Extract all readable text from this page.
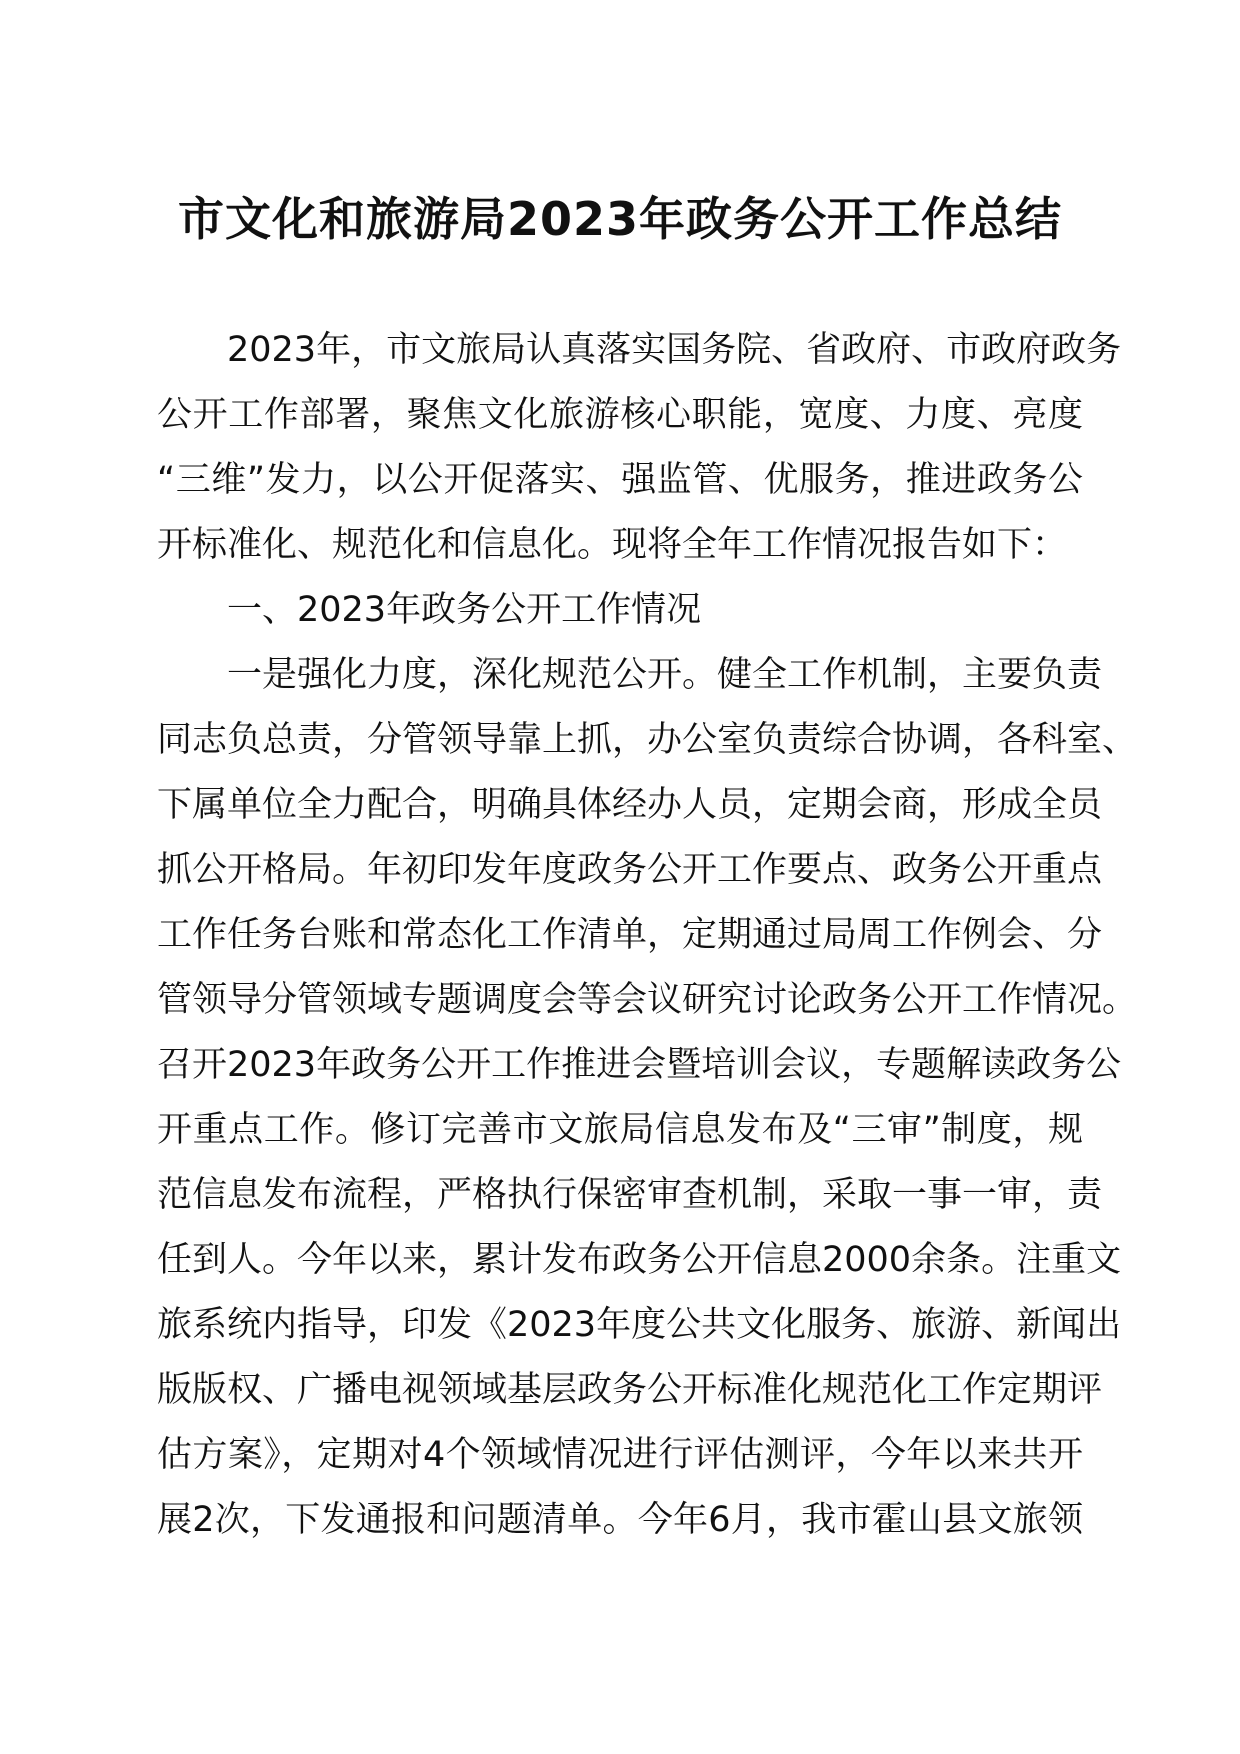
市文化和旅游局2023年政务公开工作总结
2023年，市文旅局认真落实国务院、省政府、市政府政务
公开工作部署，聚焦文化旅游核心职能，宽度、力度、亮度
“三维”发力，以公开促落实、强监管、优服务，推进政务公
开标准化、规范化和信息化。现将全年工作情况报告如下：
一、2023年政务公开工作情况
一是强化力度，深化规范公开。健全工作机制，主要负责
同志负总责，分管领导靠上抓，办公室负责综合协调，各科室、
下属单位全力配合，明确具体经办人员，定期会商，形成全员
抓公开格局。年初印发年度政务公开工作要点、政务公开重点
工作任务台账和常态化工作清单，定期通过局周工作例会、分
管领导分管领域专题调度会等会议研究讨论政务公开工作情况。
召开2023年政务公开工作推进会暨培训会议，专题解读政务公
开重点工作。修订完善市文旅局信息发布及“三审”制度，规
范信息发布流程，严格执行保密审查机制，采取一事一审，责
任到人。今年以来，累计发布政务公开信息2000余条。注重文
旅系统内指导，印发《2023年度公共文化服务、旅游、新闻出
版版权、广播电视领域基层政务公开标准化规范化工作定期评
估方案》，定期对4个领域情况进行评估测评，今年以来共开
展2次，下发通报和问题清单。今年6月，我市霍山县文旅领
